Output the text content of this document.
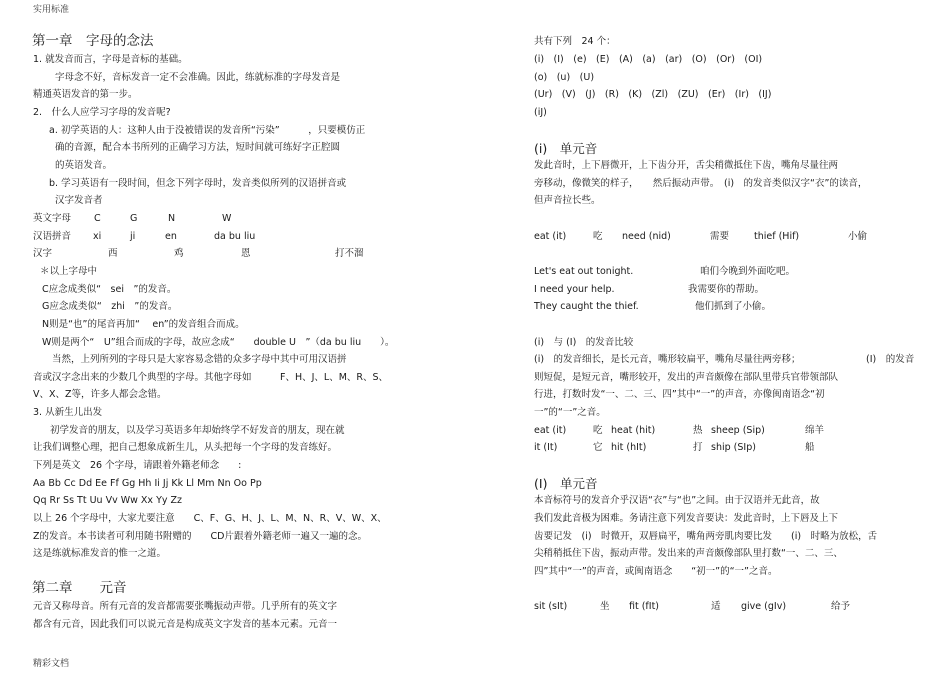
实用标准
第一章　字母的念法
1. 就发音而言，字母是音标的基础。
字母念不好，音标发音一定不会准确。因此，练就标准的字母发音是
精通英语发音的第一步。
2.　什么人应学习字母的发音呢?
a. 初学英语的人：这种人由于没被错误的发音所“污染”　　　，只要模仿正
确的音源，配合本书所列的正确学习方法，短时间就可练好字正腔圆
的英语发音。
b. 学习英语有一段时间，但念下列字母时，发音类似所列的汉语拼音或
汉字发音者
英文字母 C	G	N	W
汉语拼音 xi	ji	en	da bu liu
汉字	西	鸡	恩	打不溜
＊以上字母中
C应念成类似“　sei　”的发音。
G应念成类似“　zhi　”的发音。
N则是“也”的尾音再加“　 en”的发音组合而成。
W则是两个“　U”组合而成的字母，故应念成“　　double U　”（da bu liu　　）。
当然，上列所列的字母只是大家容易念错的众多字母中其中可用汉语拼
音或汉字念出来的少数几个典型的字母。其他字母如　　　F、H、J、L、M、R、S、
V、X、Z等，许多人都会念错。
3. 从新生儿出发
初学发音的朋友，以及学习英语多年却始终学不好发音的朋友，现在就
让我们调整心理，把自己想象成新生儿，从头把每一个字母的发音练好。
下列是英文　26 个字母，请跟着外籍老师念　　:
Aa Bb Cc Dd Ee Ff Gg Hh Ii Jj Kk Ll Mm Nn Oo Pp
Qq Rr Ss Tt Uu Vv Ww Xx Yy Zz
以上 26 个字母中，大家尤要注意　　C、F、G、H、J、L、M、N、R、V、W、X、
Z的发音。本书读者可利用随书附赠的　　CD片跟着外籍老师一遍又一遍的念。
这是练就标准发音的惟一之道。
第二章　　元音
元音又称母音。所有元音的发音都需要张嘴振动声带。几乎所有的英文字
都含有元音，因此我们可以说元音是构成英文字发音的基本元素。元音一
共有下列　24 个：
(i)　(I)　(e)　(E)　(A)　(a)　(ar)　(O)　(Or)　(OI)
(o)　(u)　(U)
(Ur)　(V)　(J)　(R)　(K)　(Zl)　(ZU)　(Er)　(Ir)　(IJ)
(iJ)
(i)　单元音
发此音时，上下唇微开，上下齿分开，舌尖稍微抵住下齿，嘴角尽量往两
旁移动，像微笑的样子，　　然后振动声带。　(i)　的发音类似汉字“衣”的读音，
但声音拉长些。
eat (it)	吃 need (nid)	需要	thief (Hif)	小偷
Let's eat out tonight.	咱们今晚到外面吃吧。
I need your help.	我需要你的帮助。
They caught the thief.	他们抓到了小偷。
(i)　与 (I)　的发音比较
(i)　的发音细长，是长元音，嘴形较扁平，嘴角尽量往两旁移；	(I)　的发音
则短促，是短元音，嘴形较开，发出的声音颇像在部队里带兵官带领部队
行进，打数时发“一、二、三、四”其中“一”的声音，亦像闽南语念“初
一”的“一”之音。
eat (it)	吃 heat (hit)	热 sheep (Sip)	绵羊
it (It)	它 hit (hIt)	打 ship (SIp)	船
(I)　单元音
本音标符号的发音介乎汉语“衣”与“也”之间。由于汉语并无此音，故
我们发此音极为困难。务请注意下列发音要诀：发此音时，上下唇及上下
齿要记发　(i)　时微开，双唇扁平，嘴角两旁肌肉要比发　　(i)　时略为放松，舌
尖稍稍抵住下齿，振动声带。发出来的声音颇像部队里打数“一、二、三、
四”其中“一”的声音，或闽南语念　　“初一”的“一”之音。
sit (sIt)	坐 fit (fIt)	适 give (gIv)	给予
精彩文档
